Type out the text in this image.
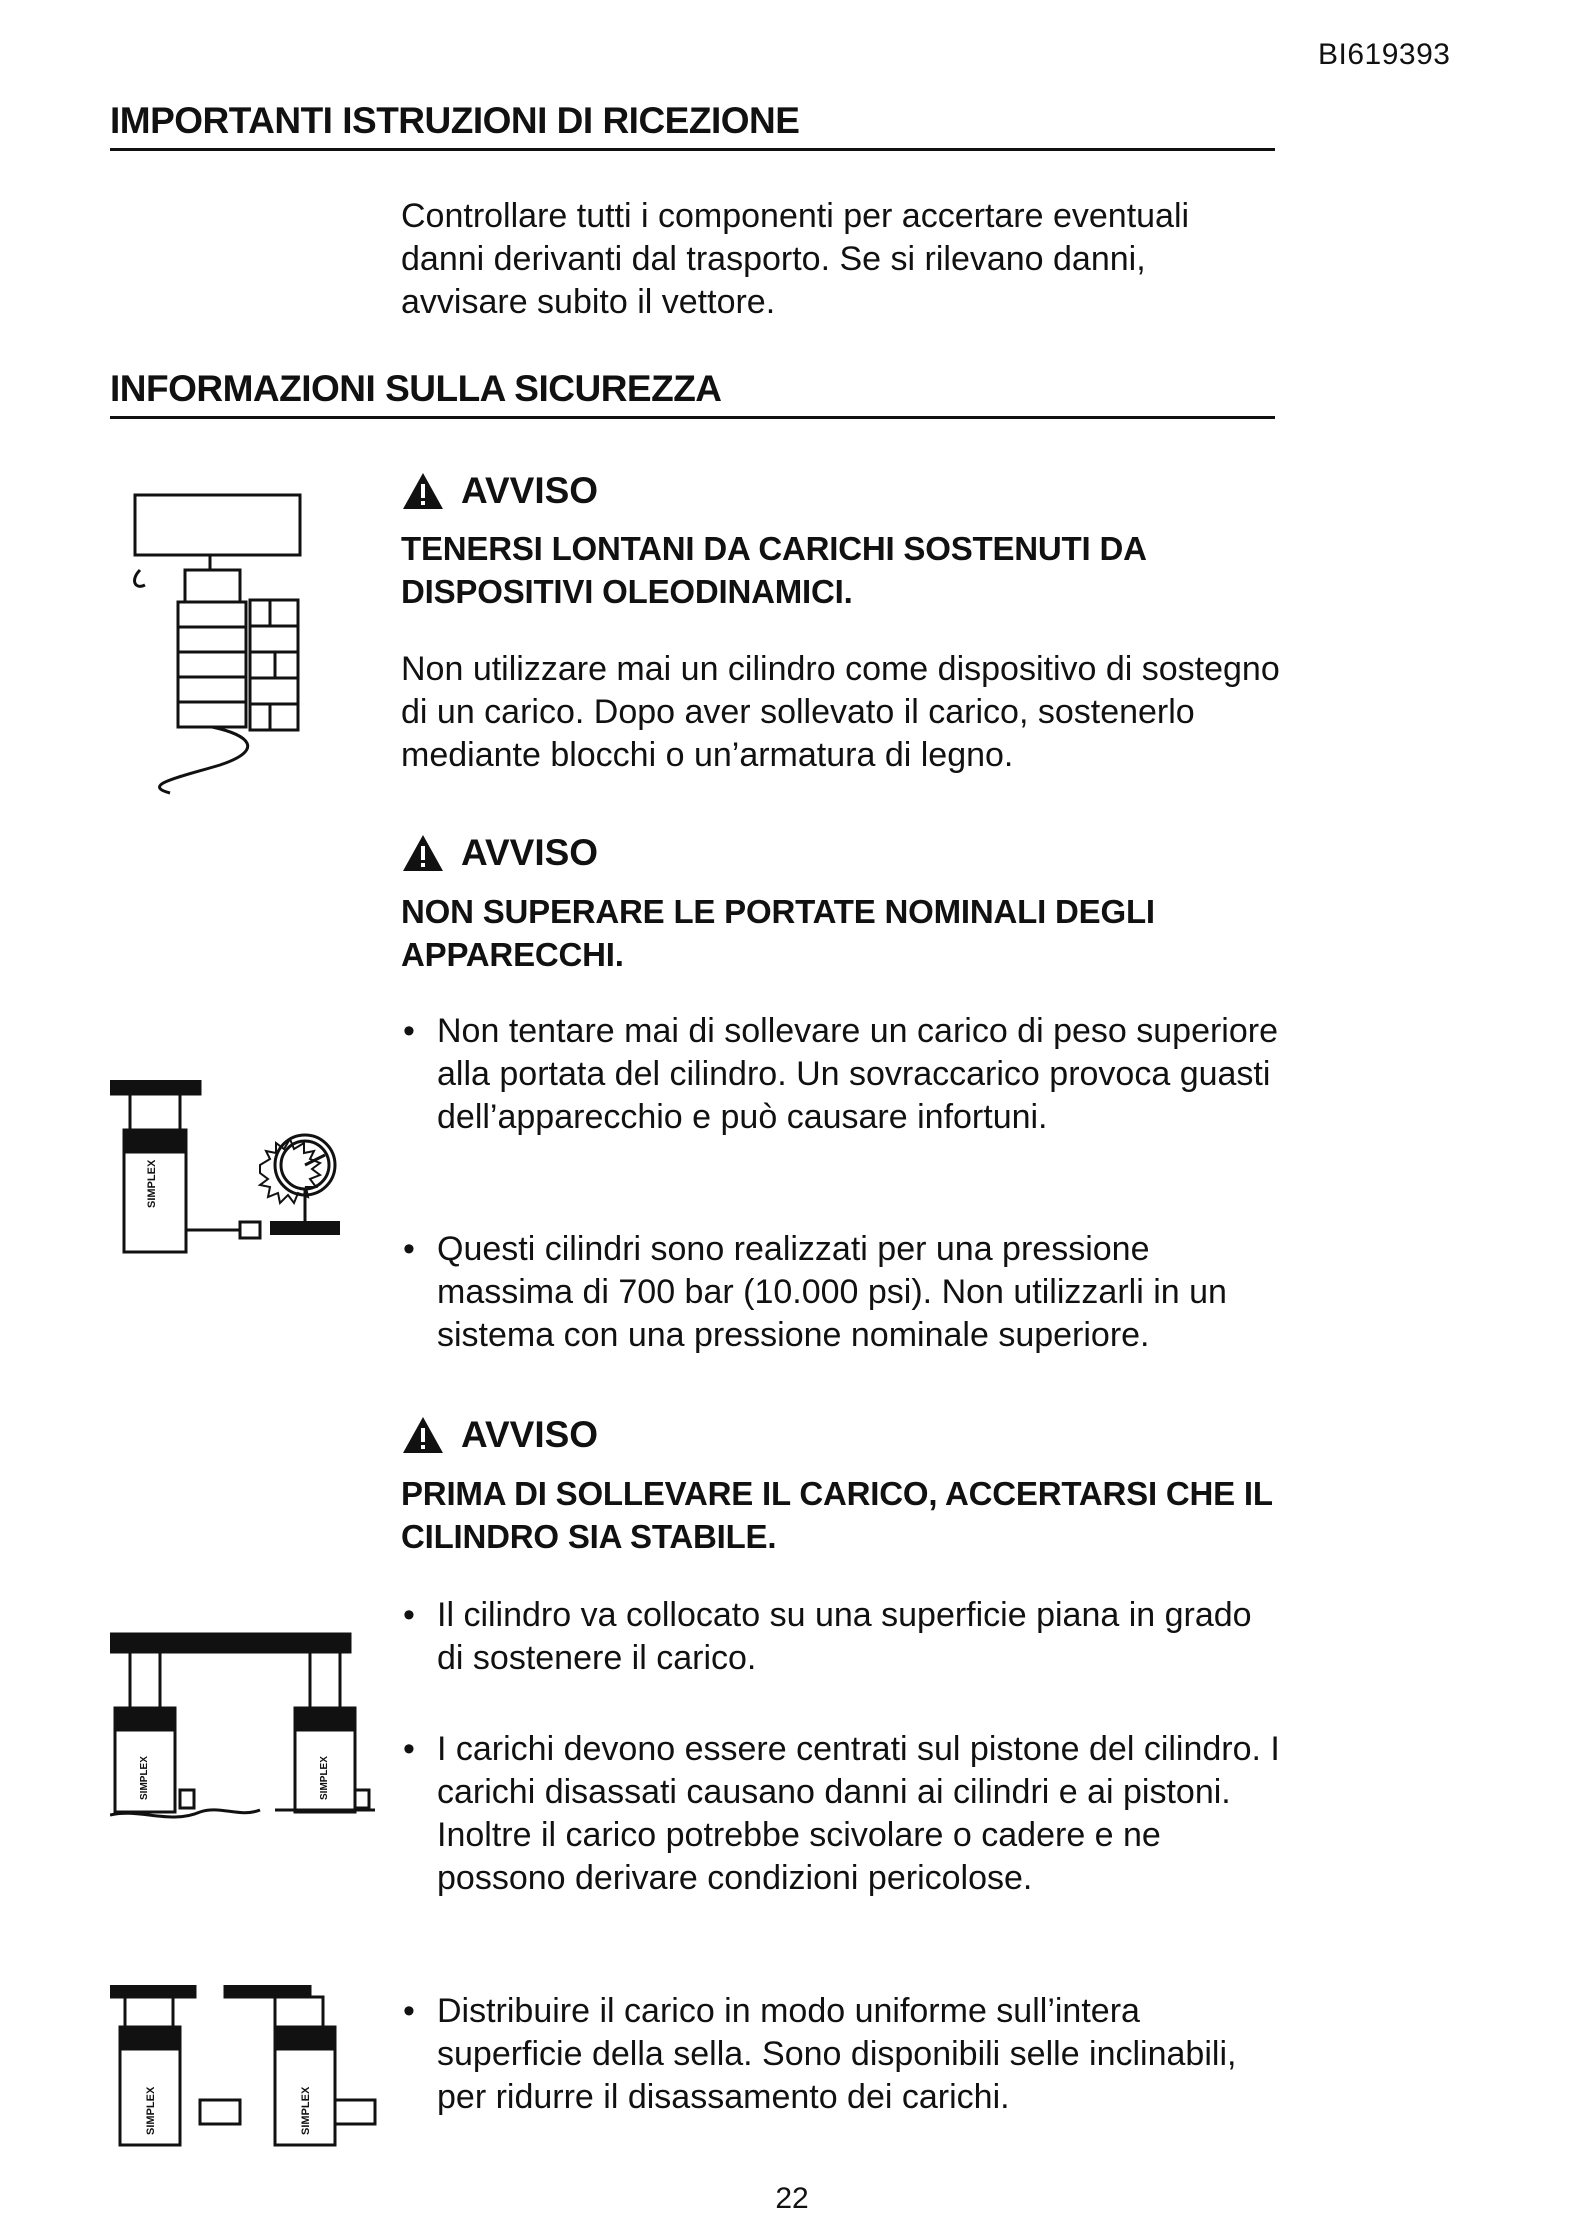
BI619393
IMPORTANTI ISTRUZIONI DI RICEZIONE
Controllare tutti i componenti per accertare eventuali danni derivanti dal trasporto. Se si rilevano danni, avvisare subito il vettore.
INFORMAZIONI SULLA SICUREZZA
AVVISO
TENERSI LONTANI DA CARICHI SOSTENUTI DA DISPOSITIVI OLEODINAMICI.
Non utilizzare mai un cilindro come dispositivo di sostegno di un carico. Dopo aver sollevato il carico, sostenerlo mediante blocchi o un’armatura di legno.
AVVISO
NON SUPERARE LE PORTATE NOMINALI DEGLI APPARECCHI.
• Non tentare mai di sollevare un carico di peso superiore alla portata del cilindro. Un sovraccarico provoca guasti dell’apparecchio e può causare infortuni.
• Questi cilindri sono realizzati per una pressione massima di 700 bar (10.000 psi). Non utilizzarli in un sistema con una pressione nominale superiore.
SIMPLEX
AVVISO
PRIMA DI SOLLEVARE IL CARICO, ACCERTARSI CHE IL CILINDRO SIA STABILE.
• Il cilindro va collocato su una superficie piana in grado di sostenere il carico.
• I carichi devono essere centrati sul pistone del cilindro. I carichi disassati causano danni ai cilindri e ai pistoni. Inoltre il carico potrebbe scivolare o cadere e ne possono derivare condizioni pericolose.
• Distribuire il carico in modo uniforme sull’intera superficie della sella. Sono disponibili selle inclinabili, per ridurre il disassamento dei carichi.
SIMPLEX	SIMPLEX
SIMPLEX	SIMPLEX
22
